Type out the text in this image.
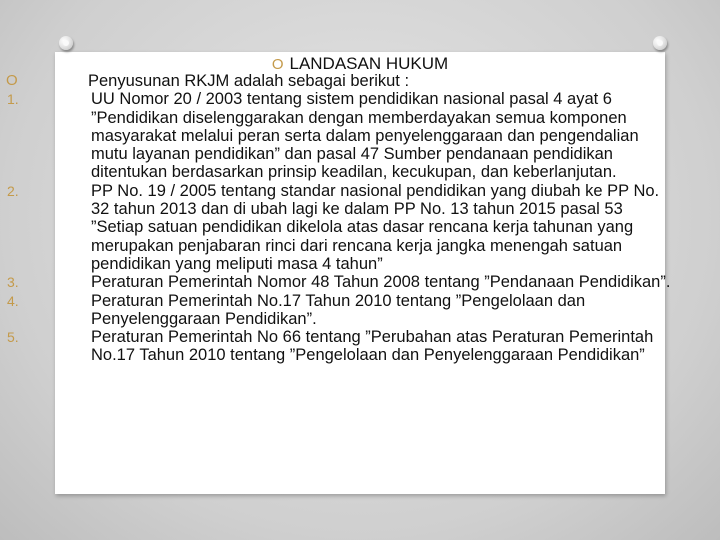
O LANDASAN HUKUM
O	Penyusunan RKJM adalah sebagai berikut :
1.	UU Nomor 20 / 2003 tentang sistem pendidikan nasional pasal 4 ayat 6 ”Pendidikan diselenggarakan dengan memberdayakan semua komponen masyarakat melalui peran serta dalam penyelenggaraan dan pengendalian mutu layanan pendidikan” dan pasal 47 Sumber pendanaan pendidikan ditentukan berdasarkan prinsip keadilan, kecukupan, dan keberlanjutan.
2.	PP No. 19 / 2005 tentang standar nasional pendidikan yang diubah ke PP No. 32 tahun 2013 dan di ubah lagi ke dalam PP No. 13 tahun 2015 pasal 53 ”Setiap satuan pendidikan dikelola atas dasar rencana kerja tahunan yang merupakan penjabaran rinci dari rencana kerja jangka menengah satuan pendidikan yang meliputi masa 4 tahun”
3.	Peraturan Pemerintah Nomor 48 Tahun 2008 tentang ”Pendanaan Pendidikan”.
4.	Peraturan Pemerintah No.17 Tahun 2010 tentang ”Pengelolaan dan Penyelenggaraan Pendidikan”.
5.	Peraturan Pemerintah No 66 tentang ”Perubahan atas Peraturan Pemerintah No.17 Tahun 2010 tentang ”Pengelolaan dan Penyelenggaraan Pendidikan”
